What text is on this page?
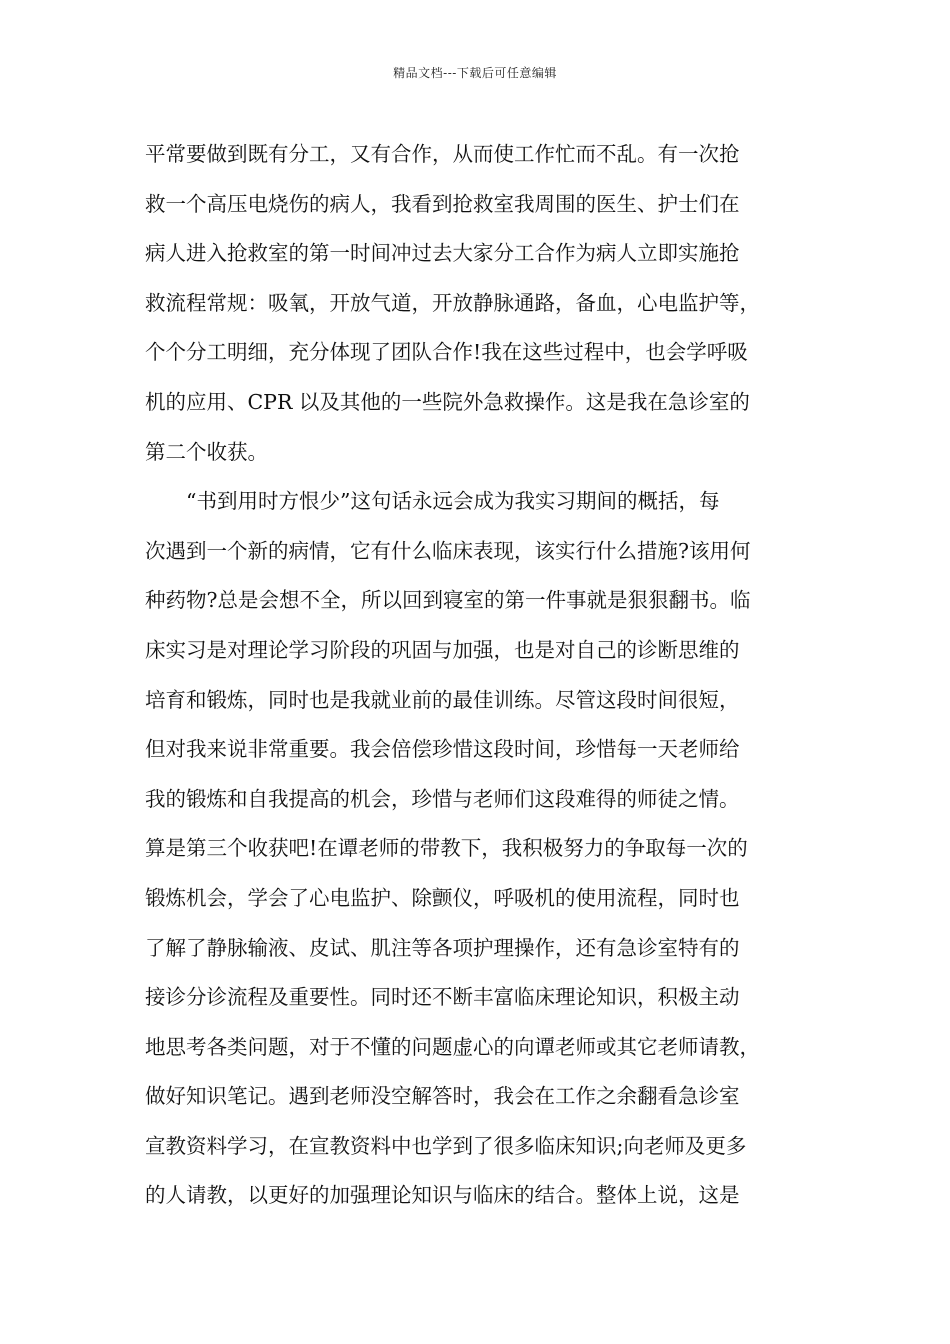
精品文档---下载后可任意编辑
平常要做到既有分工，又有合作，从而使工作忙而不乱。有一次抢
救一个高压电烧伤的病人，我看到抢救室我周围的医生、护士们在
病人进入抢救室的第一时间冲过去大家分工合作为病人立即实施抢
救流程常规：吸氧，开放气道，开放静脉通路，备血，心电监护等，
个个分工明细，充分体现了团队合作!我在这些过程中，也会学呼吸
机的应用、CPR 以及其他的一些院外急救操作。这是我在急诊室的
第二个收获。
“书到用时方恨少”这句话永远会成为我实习期间的概括，每
次遇到一个新的病情，它有什么临床表现，该实行什么措施?该用何
种药物?总是会想不全，所以回到寝室的第一件事就是狠狠翻书。临
床实习是对理论学习阶段的巩固与加强，也是对自己的诊断思维的
培育和锻炼，同时也是我就业前的最佳训练。尽管这段时间很短，
但对我来说非常重要。我会倍偿珍惜这段时间，珍惜每一天老师给
我的锻炼和自我提高的机会，珍惜与老师们这段难得的师徒之情。
算是第三个收获吧!在谭老师的带教下，我积极努力的争取每一次的
锻炼机会，学会了心电监护、除颤仪，呼吸机的使用流程，同时也
了解了静脉输液、皮试、肌注等各项护理操作，还有急诊室特有的
接诊分诊流程及重要性。同时还不断丰富临床理论知识，积极主动
地思考各类问题，对于不懂的问题虚心的向谭老师或其它老师请教，
做好知识笔记。遇到老师没空解答时，我会在工作之余翻看急诊室
宣教资料学习，在宣教资料中也学到了很多临床知识;向老师及更多
的人请教，以更好的加强理论知识与临床的结合。整体上说，这是
